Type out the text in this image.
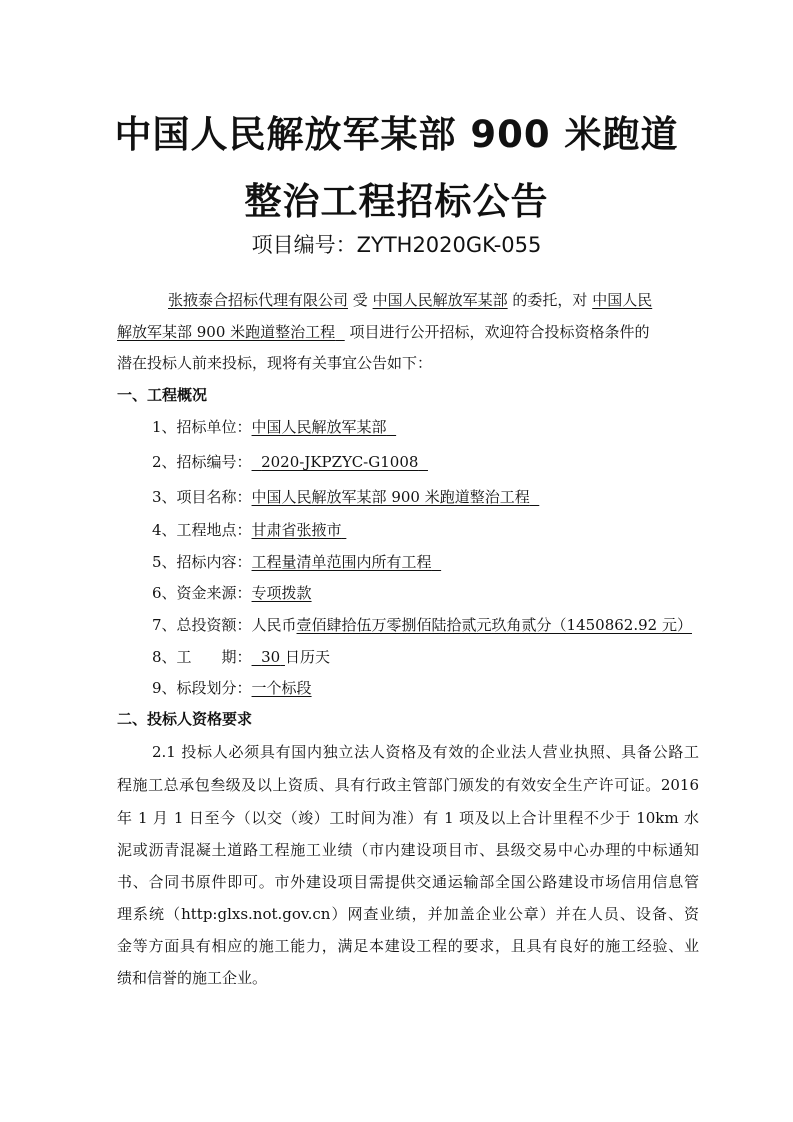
中国人民解放军某部 900 米跑道
整治工程招标公告
项目编号：ZYTH2020GK-055
张掖泰合招标代理有限公司 受 中国人民解放军某部 的委托，对 中国人民
解放军某部 900 米跑道整治工程 项目进行公开招标，欢迎符合投标资格条件的
潜在投标人前来投标，现将有关事宜公告如下：
一、工程概况
1、招标单位：中国人民解放军某部
2、招标编号： 2020-JKPZYC-G1008
3、项目名称：中国人民解放军某部 900 米跑道整治工程
4、工程地点：甘肃省张掖市
5、招标内容：工程量清单范围内所有工程
6、资金来源：专项拨款
7、总投资额：人民币壹佰肆拾伍万零捌佰陆拾贰元玖角贰分（1450862.92 元）
8、工　　期： 30 日历天
9、标段划分：一个标段
二、投标人资格要求
2.1 投标人必须具有国内独立法人资格及有效的企业法人营业执照、具备公路工
程施工总承包叁级及以上资质、具有行政主管部门颁发的有效安全生产许可证。2016
年 1 月 1 日至今（以交（竣）工时间为准）有 1 项及以上合计里程不少于 10km 水
泥或沥青混凝土道路工程施工业绩（市内建设项目市、县级交易中心办理的中标通知
书、合同书原件即可。市外建设项目需提供交通运输部全国公路建设市场信用信息管
理系统（http:glxs.not.gov.cn）网查业绩，并加盖企业公章）并在人员、设备、资
金等方面具有相应的施工能力，满足本建设工程的要求，且具有良好的施工经验、业
绩和信誉的施工企业。
